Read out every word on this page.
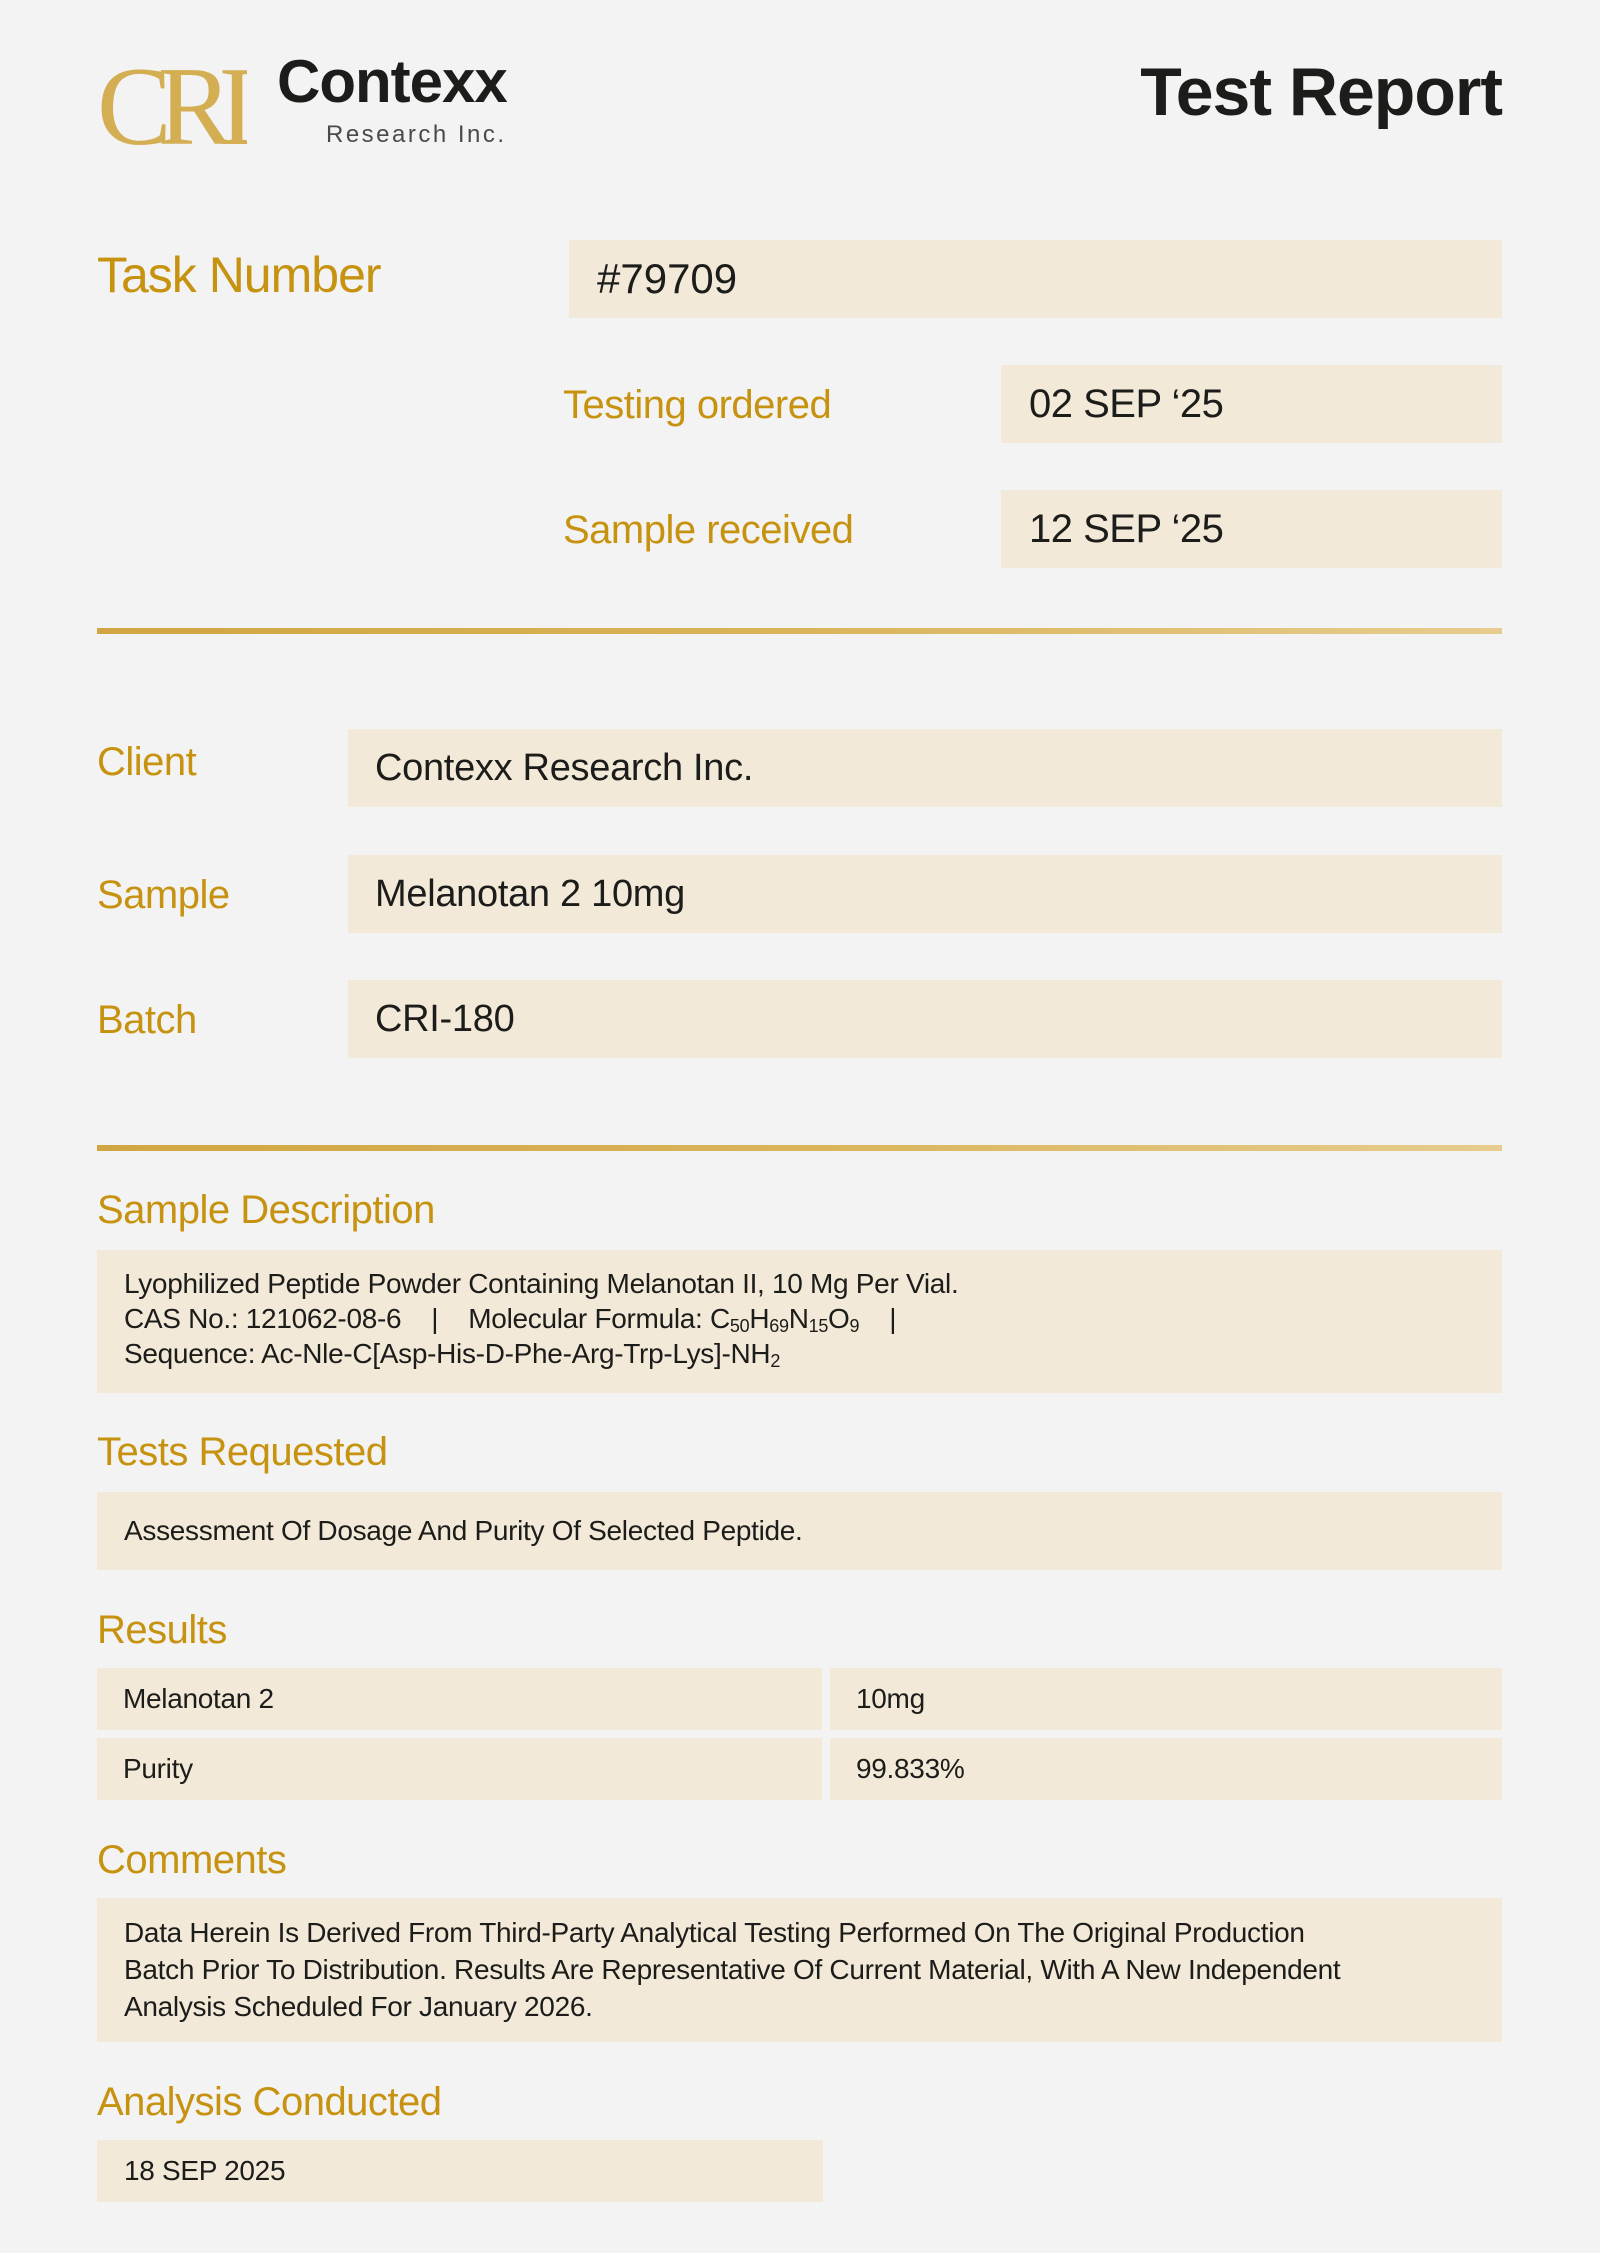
CRI Contexx
Research Inc.
Test Report
Task Number	#79709
Testing ordered	02 SEP ‘25
Sample received	12 SEP ‘25
Client	Contexx Research Inc.
Sample	Melanotan 2 10mg
Batch	CRI-180
Sample Description
Lyophilized Peptide Powder Containing Melanotan II, 10 Mg Per Vial.
CAS No.: 121062-08-6 | Molecular Formula: $C_{50}H_{69}N_{15}O_9$ |
Sequence: $Ac-Nle-C[Asp-His-D-Phe-Arg-Trp-Lys]-NH_2$
Tests Requested
Assessment Of Dosage And Purity Of Selected Peptide.
Results
Melanotan 2	10mg
Purity	99.833%
Comments
Data Herein Is Derived From Third-Party Analytical Testing Performed On The Original Production
Batch Prior To Distribution. Results Are Representative Of Current Material, With A New Independent
Analysis Scheduled For January 2026.
Analysis Conducted
18 SEP 2025
